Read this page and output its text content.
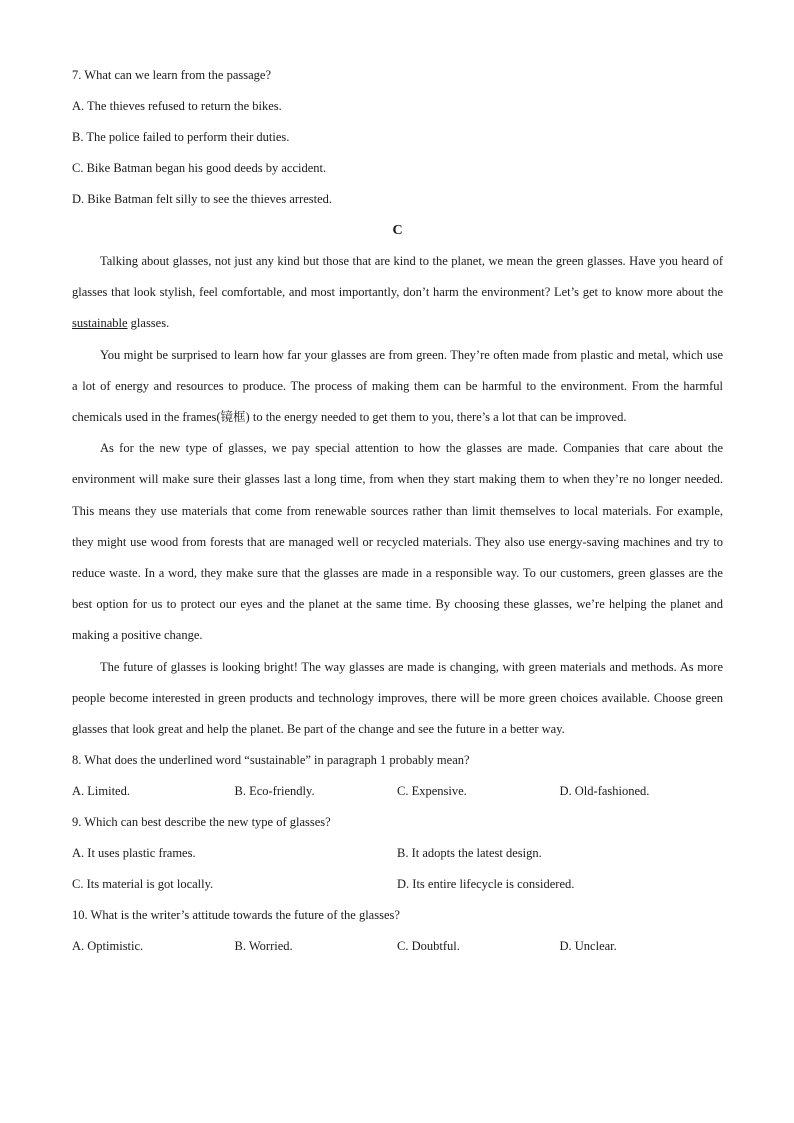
7. What can we learn from the passage?
A. The thieves refused to return the bikes.
B. The police failed to perform their duties.
C. Bike Batman began his good deeds by accident.
D. Bike Batman felt silly to see the thieves arrested.
C

Talking about glasses, not just any kind but those that are kind to the planet, we mean the green glasses. Have you heard of glasses that look stylish, feel comfortable, and most importantly, don’t harm the environment? Let’s get to know more about the sustainable glasses.

You might be surprised to learn how far your glasses are from green. They’re often made from plastic and metal, which use a lot of energy and resources to produce. The process of making them can be harmful to the environment. From the harmful chemicals used in the frames(镜框) to the energy needed to get them to you, there’s a lot that can be improved.

As for the new type of glasses, we pay special attention to how the glasses are made. Companies that care about the environment will make sure their glasses last a long time, from when they start making them to when they’re no longer needed. This means they use materials that come from renewable sources rather than limit themselves to local materials. For example, they might use wood from forests that are managed well or recycled materials. They also use energy-saving machines and try to reduce waste. In a word, they make sure that the glasses are made in a responsible way. To our customers, green glasses are the best option for us to protect our eyes and the planet at the same time. By choosing these glasses, we’re helping the planet and making a positive change.

The future of glasses is looking bright! The way glasses are made is changing, with green materials and methods. As more people become interested in green products and technology improves, there will be more green choices available. Choose green glasses that look great and help the planet. Be part of the change and see the future in a better way.

8. What does the underlined word “sustainable” in paragraph 1 probably mean?
A. Limited.	B. Eco-friendly.	C. Expensive.	D. Old-fashioned.
9. Which can best describe the new type of glasses?
A. It uses plastic frames.	B. It adopts the latest design.
C. Its material is got locally.	D. Its entire lifecycle is considered.
10. What is the writer’s attitude towards the future of the glasses?
A. Optimistic.	B. Worried.	C. Doubtful.	D. Unclear.
